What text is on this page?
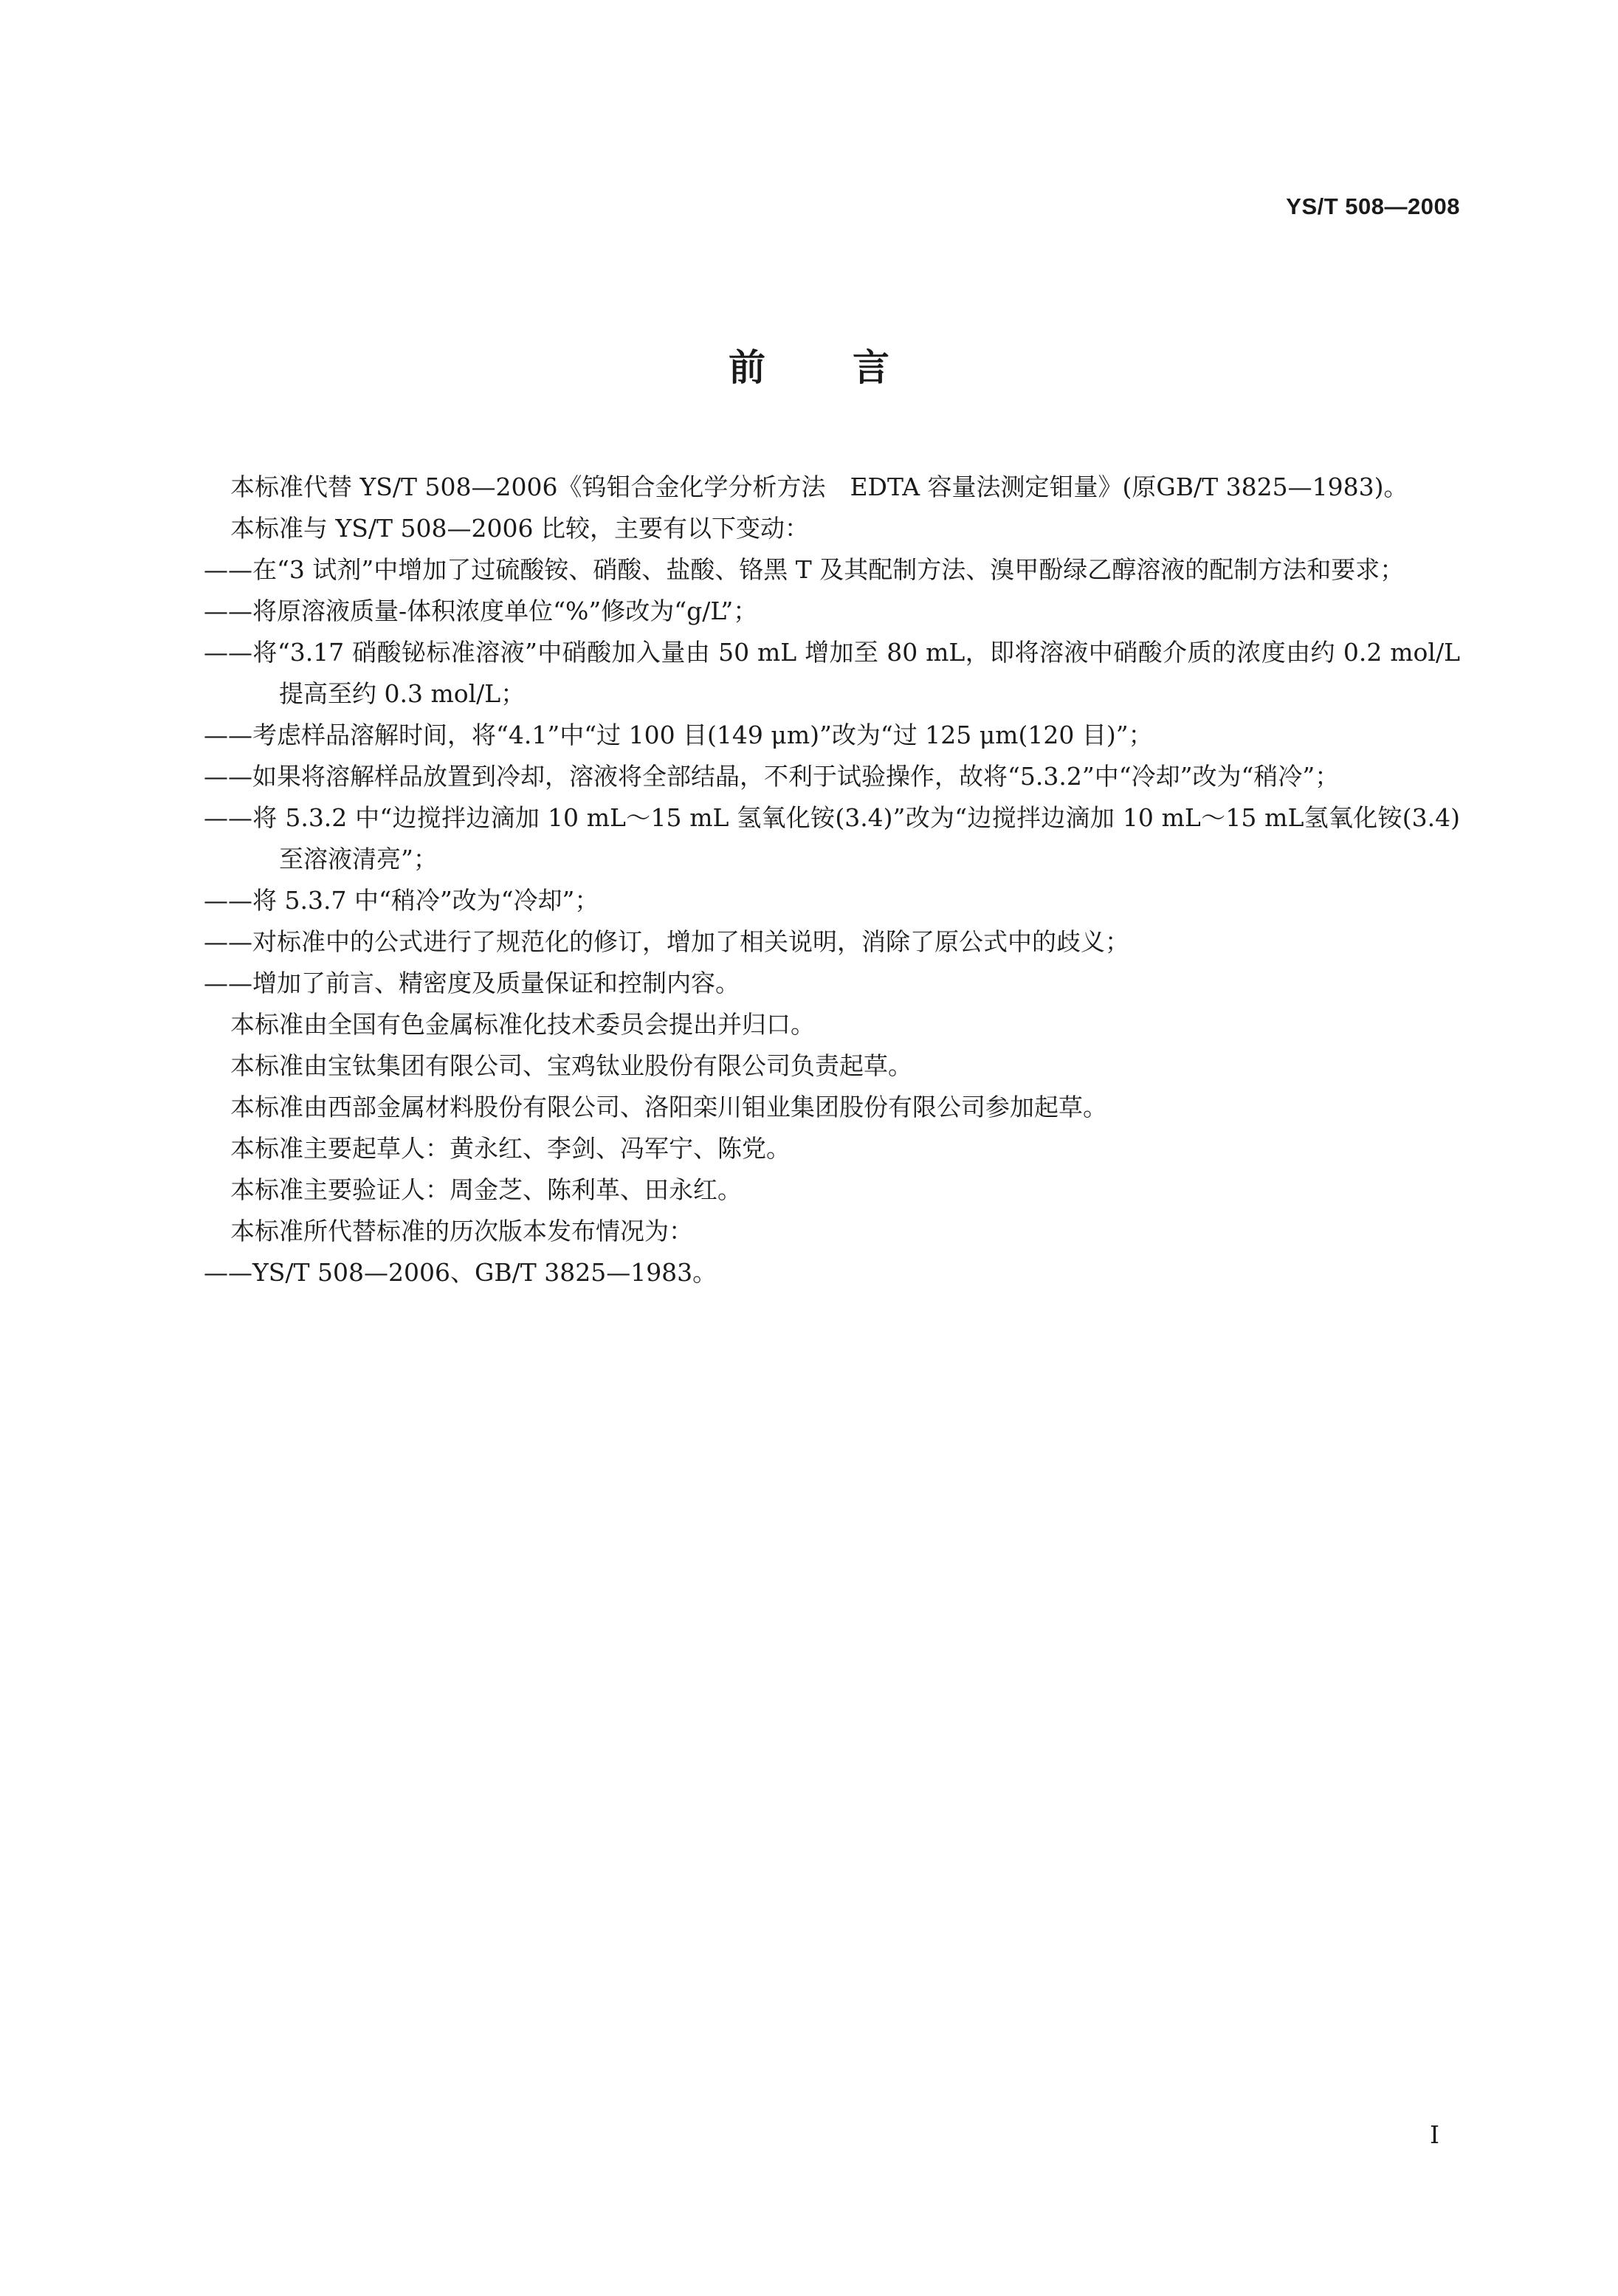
YS/T 508—2008
前言

本标准代替 YS/T 508—2006《钨钼合金化学分析方法　EDTA 容量法测定钼量》(原GB/T 3825—1983)。

本标准与 YS/T 508—2006 比较，主要有以下变动：

——在“3 试剂”中增加了过硫酸铵、硝酸、盐酸、铬黑 T 及其配制方法、溴甲酚绿乙醇溶液的配制方法和要求；

——将原溶液质量-体积浓度单位“%”修改为“g/L”；

——将“3.17 硝酸铋标准溶液”中硝酸加入量由 50 mL 增加至 80 mL，即将溶液中硝酸介质的浓度由约 0.2 mol/L 提高至约 0.3 mol/L；

——考虑样品溶解时间，将“4.1”中“过 100 目(149 μm)”改为“过 125 μm(120 目)”；

——如果将溶解样品放置到冷却，溶液将全部结晶，不利于试验操作，故将“5.3.2”中“冷却”改为“稍冷”；

——将 5.3.2 中“边搅拌边滴加 10 mL～15 mL 氢氧化铵(3.4)”改为“边搅拌边滴加 10 mL～15 mL氢氧化铵(3.4)至溶液清亮”；

——将 5.3.7 中“稍冷”改为“冷却”；

——对标准中的公式进行了规范化的修订，增加了相关说明，消除了原公式中的歧义；

——增加了前言、精密度及质量保证和控制内容。

本标准由全国有色金属标准化技术委员会提出并归口。

本标准由宝钛集团有限公司、宝鸡钛业股份有限公司负责起草。

本标准由西部金属材料股份有限公司、洛阳栾川钼业集团股份有限公司参加起草。

本标准主要起草人：黄永红、李剑、冯军宁、陈党。

本标准主要验证人：周金芝、陈利革、田永红。

本标准所代替标准的历次版本发布情况为：

——YS/T 508—2006、GB/T 3825—1983。

I
